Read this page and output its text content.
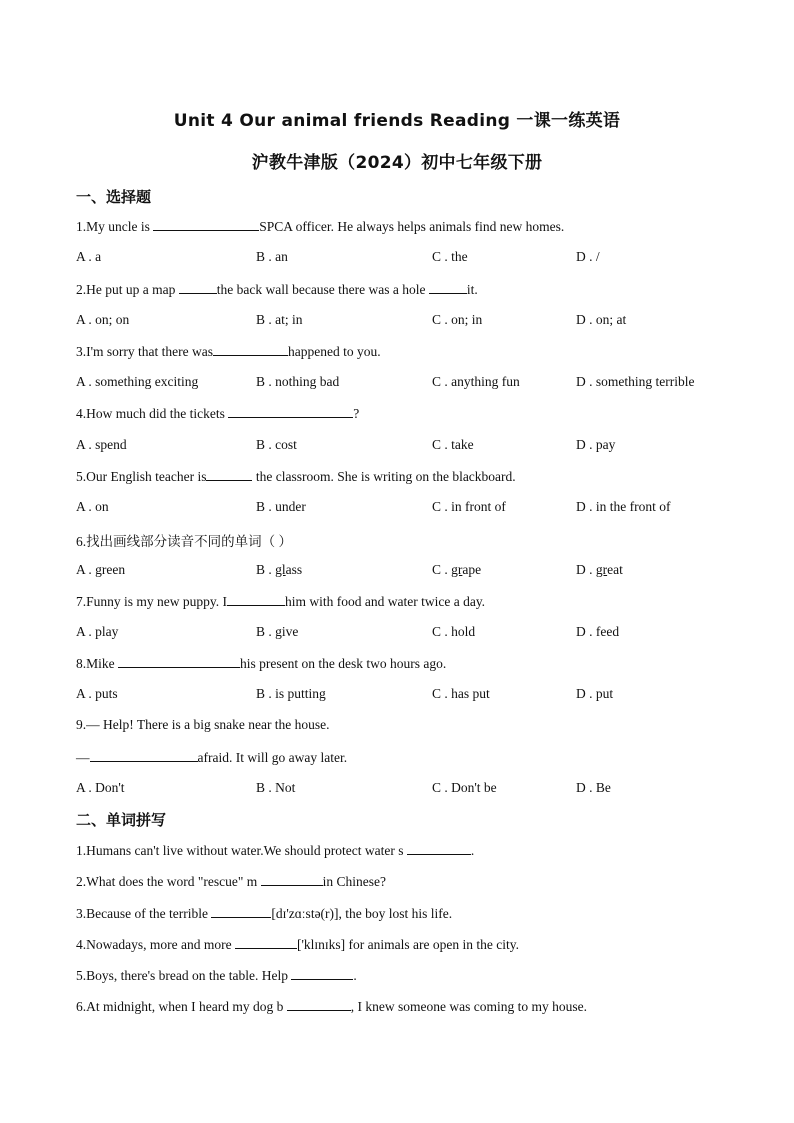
Unit 4 Our animal friends Reading 一课一练英语
沪教牛津版（2024）初中七年级下册
一、选择题
1.My uncle is	SPCA officer. He always helps animals find new homes.
A . a	B . an	C . the	D . /
2.He put up a map	the back wall because there was a hole	it.
A . on; on	B . at; in	C . on; in	D . on; at
3.I'm sorry that there was	happened to you.
A . something exciting	B . nothing bad	C . anything fun	D . something terrible
4.How much did the tickets	?
A . spend	B . cost	C . take	D . pay
5.Our English teacher is	the classroom. She is writing on the blackboard.
A . on	B . under	C . in front of	D . in the front of
6.找出画线部分读音不同的单词（ ）
A . green	B . glass	C . grape	D . great
7.Funny is my new puppy. I	him with food and water twice a day.
A . play	B . give	C . hold	D . feed
8.Mike	his present on the desk two hours ago.
A . puts	B . is putting	C . has put	D . put
9.— Help! There is a big snake near the house.
—	afraid. It will go away later.
A . Don't	B . Not	C . Don't be	D . Be
二、单词拼写
1.Humans can't live without water.We should protect water s	.
2.What does the word "rescue" m	in Chinese?
3.Because of the terrible	[dɪ'zɑːstə(r)], the boy lost his life.
4.Nowadays, more and more	['klɪnɪks] for animals are open in the city.
5.Boys, there's bread on the table. Help	.
6.At midnight, when I heard my dog b	, I knew someone was coming to my house.
